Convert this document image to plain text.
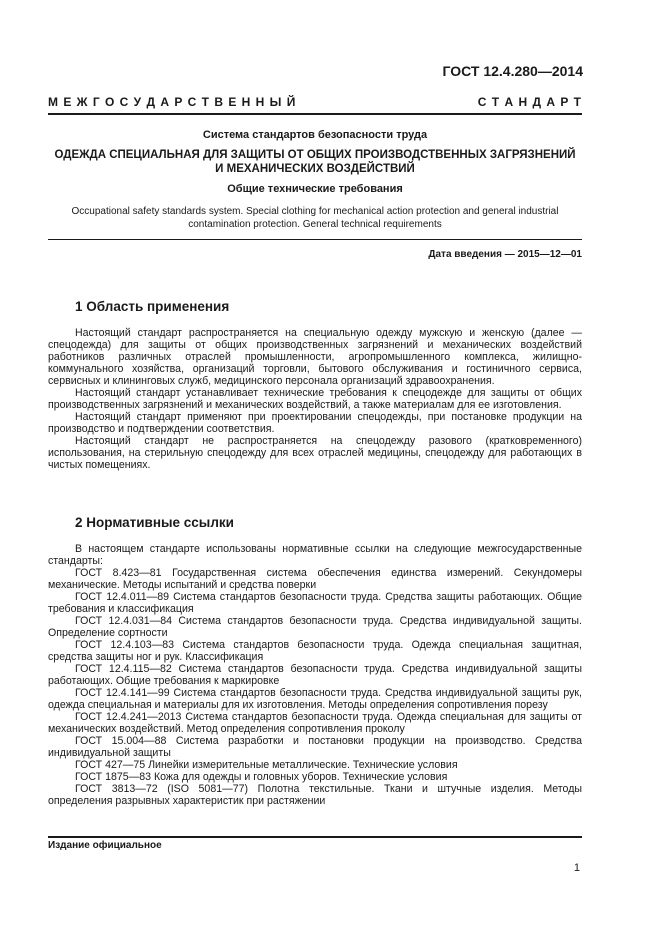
ГОСТ 12.4.280—2014
М Е Ж Г О С У Д А Р С Т В Е Н Н Ы Й	С Т А Н Д А Р Т
Система стандартов безопасности труда
ОДЕЖДА СПЕЦИАЛЬНАЯ ДЛЯ ЗАЩИТЫ ОТ ОБЩИХ ПРОИЗВОДСТВЕННЫХ ЗАГРЯЗНЕНИЙ
И МЕХАНИЧЕСКИХ ВОЗДЕЙСТВИЙ
Общие технические требования
Occupational safety standards system. Special clothing for mechanical action protection and general industrial contamination protection. General technical requirements
Дата введения — 2015—12—01
1 Область применения

Настоящий стандарт распространяется на специальную одежду мужскую и женскую (далее — спецодежда) для защиты от общих производственных загрязнений и механических воздействий работников различных отраслей промышленности, агропромышленного комплекса, жилищно-коммунального хозяйства, организаций торговли, бытового обслуживания и гостиничного сервиса, сервисных и клининговых служб, медицинского персонала организаций здравоохранения.

Настоящий стандарт устанавливает технические требования к спецодежде для защиты от общих производственных загрязнений и механических воздействий, а также материалам для ее изготовления.

Настоящий стандарт применяют при проектировании спецодежды, при постановке продукции на производство и подтверждении соответствия.

Настоящий стандарт не распространяется на спецодежду разового (кратковременного) использования, на стерильную спецодежду для всех отраслей медицины, спецодежду для работающих в чистых помещениях.

2 Нормативные ссылки

В настоящем стандарте использованы нормативные ссылки на следующие межгосударственные стандарты:

ГОСТ 8.423—81 Государственная система обеспечения единства измерений. Секундомеры механические. Методы испытаний и средства поверки

ГОСТ 12.4.011—89 Система стандартов безопасности труда. Средства защиты работающих. Общие требования и классификация

ГОСТ 12.4.031—84 Система стандартов безопасности труда. Средства индивидуальной защиты. Определение сортности

ГОСТ 12.4.103—83 Система стандартов безопасности труда. Одежда специальная защитная, средства защиты ног и рук. Классификация

ГОСТ 12.4.115—82 Система стандартов безопасности труда. Средства индивидуальной защиты работающих. Общие требования к маркировке

ГОСТ 12.4.141—99 Система стандартов безопасности труда. Средства индивидуальной защиты рук, одежда специальная и материалы для их изготовления. Методы определения сопротивления порезу

ГОСТ 12.4.241—2013 Система стандартов безопасности труда. Одежда специальная для защиты от механических воздействий. Метод определения сопротивления проколу

ГОСТ 15.004—88 Система разработки и постановки продукции на производство. Средства индивидуальной защиты

ГОСТ 427—75 Линейки измерительные металлические. Технические условия

ГОСТ 1875—83 Кожа для одежды и головных уборов. Технические условия

ГОСТ 3813—72 (ISO 5081—77) Полотна текстильные. Ткани и штучные изделия. Методы определения разрывных характеристик при растяжении

Издание официальное
1
